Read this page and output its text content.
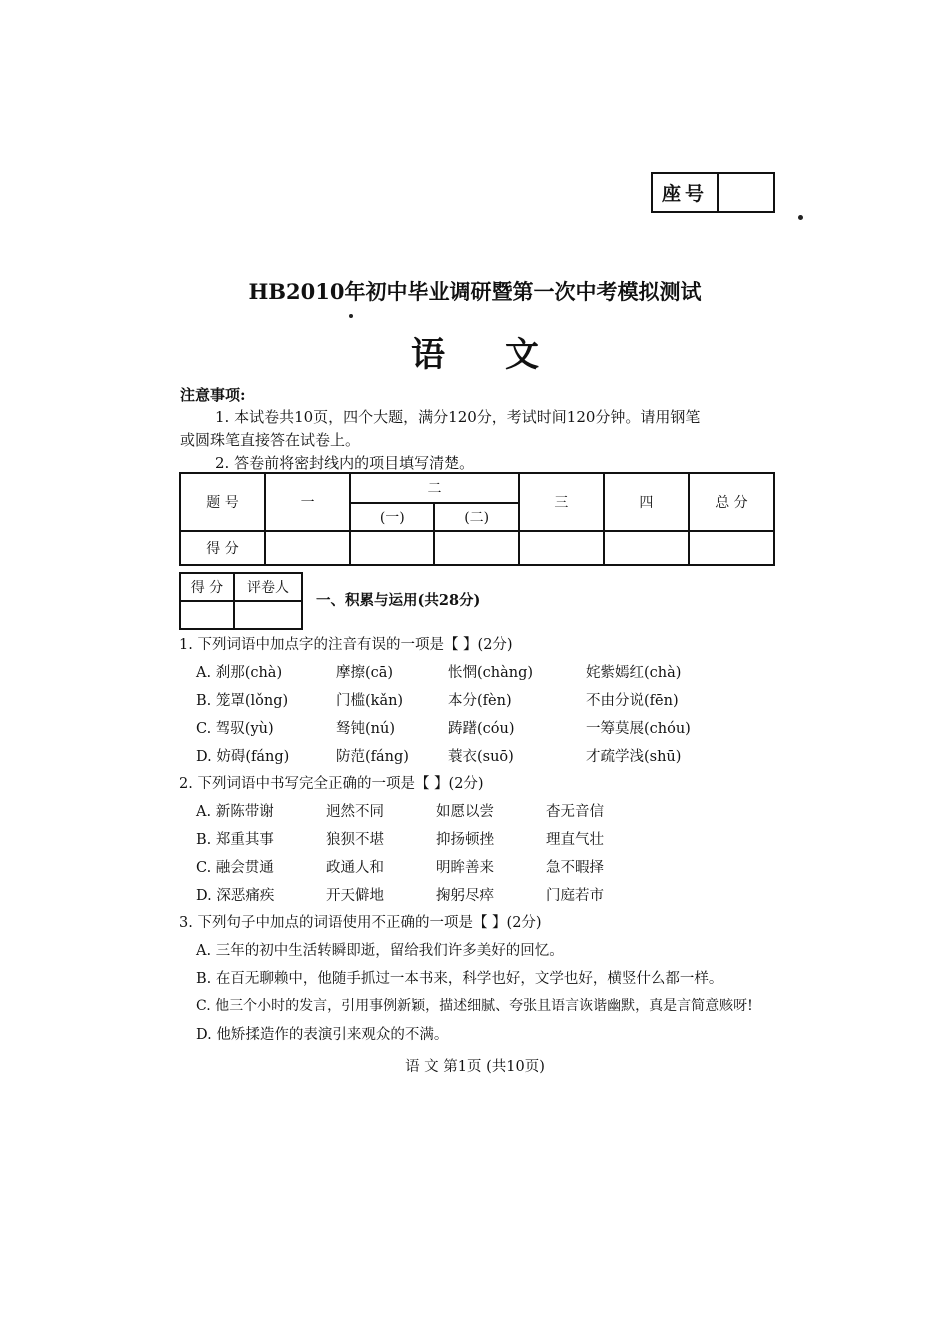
座号
HB2010年初中毕业调研暨第一次中考模拟测试
语文
注意事项:
1. 本试卷共10页，四个大题，满分120分，考试时间120分钟。请用钢笔
或圆珠笔直接答在试卷上。
2. 答卷前将密封线内的项目填写清楚。
题 号	一	二		三	四	总 分
		(一)	(二)			
得 分						
得 分	评卷人

一、积累与运用(共28分)
1. 下列词语中加点字的注音有误的一项是【 】(2分)
A. 刹那(chà)	摩擦(cā)	怅惘(chàng)	姹紫嫣红(chà)
B. 笼罩(lǒng)	门槛(kǎn)	本分(fèn)	不由分说(fēn)
C. 驾驭(yù)	驽钝(nú)	踌躇(cóu)	一筹莫展(chóu)
D. 妨碍(fáng)	防范(fáng)	蓑衣(suō)	才疏学浅(shū)
2. 下列词语中书写完全正确的一项是【 】(2分)
A. 新陈带谢	迥然不同	如愿以尝	杳无音信
B. 郑重其事	狼狈不堪	抑扬顿挫	理直气壮
C. 融会贯通	政通人和	明眸善来	急不暇择
D. 深恶痛疾	开天僻地	掬躬尽瘁	门庭若市
3. 下列句子中加点的词语使用不正确的一项是【 】(2分)
A. 三年的初中生活转瞬即逝，留给我们许多美好的回忆。
B. 在百无聊赖中，他随手抓过一本书来，科学也好，文学也好，横竖什么都一样。
C. 他三个小时的发言，引用事例新颖，描述细腻、夸张且语言诙谐幽默，真是言简意赅呀!
D. 他矫揉造作的表演引来观众的不满。
语 文 第1页 (共10页)
